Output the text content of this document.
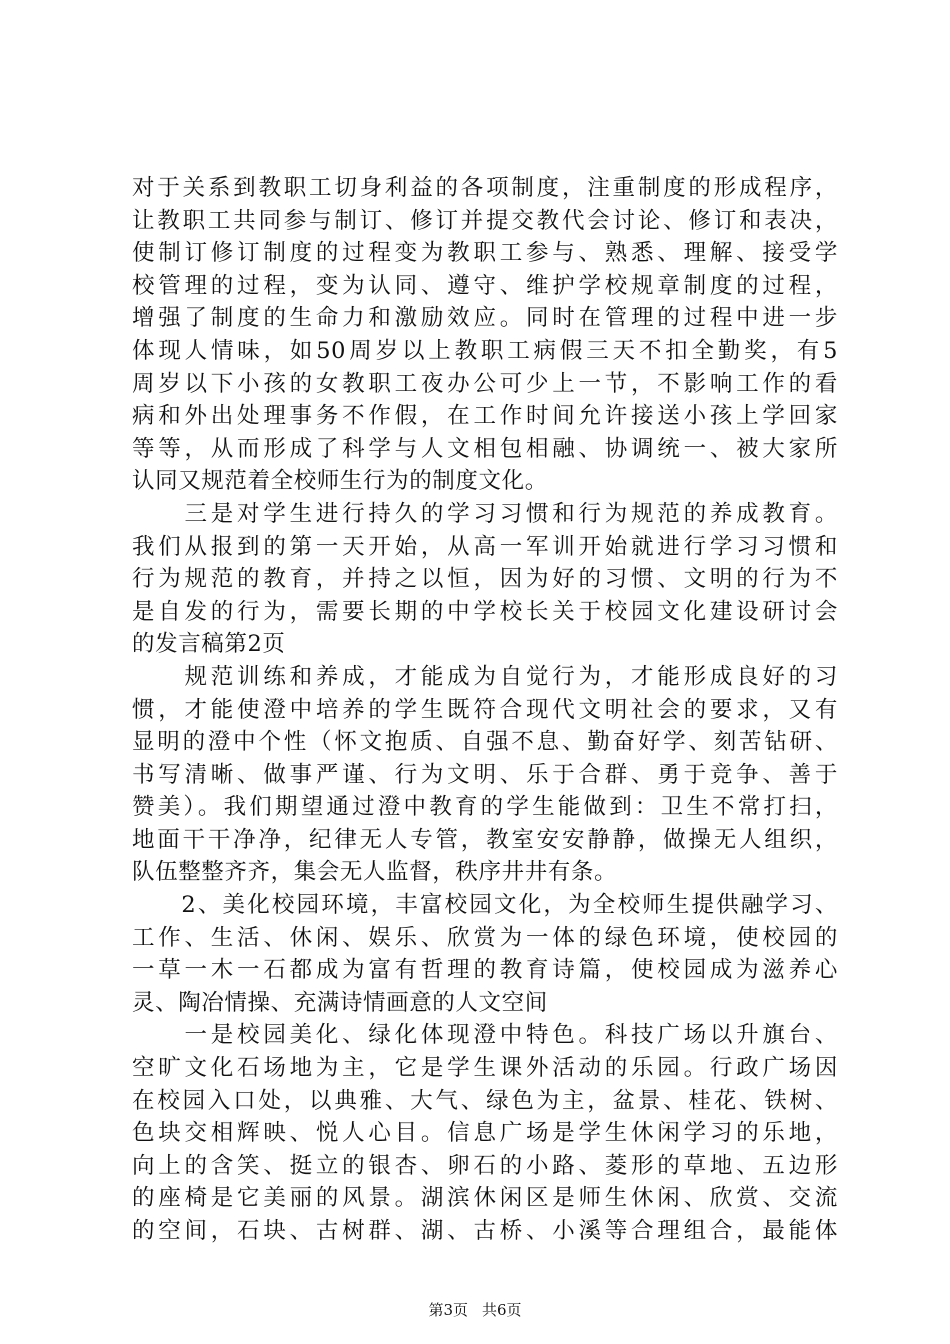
对于关系到教职工切身利益的各项制度，注重制度的形成程序，
让教职工共同参与制订、修订并提交教代会讨论、修订和表决，
使制订修订制度的过程变为教职工参与、熟悉、理解、接受学
校管理的过程，变为认同、遵守、维护学校规章制度的过程，
增强了制度的生命力和激励效应。同时在管理的过程中进一步
体现人情味，如50周岁以上教职工病假三天不扣全勤奖，有5
周岁以下小孩的女教职工夜办公可少上一节，不影响工作的看
病和外出处理事务不作假，在工作时间允许接送小孩上学回家
等等，从而形成了科学与人文相包相融、协调统一、被大家所
认同又规范着全校师生行为的制度文化。
　　三是对学生进行持久的学习习惯和行为规范的养成教育。
我们从报到的第一天开始，从高一军训开始就进行学习习惯和
行为规范的教育，并持之以恒，因为好的习惯、文明的行为不
是自发的行为，需要长期的中学校长关于校园文化建设研讨会
的发言稿第2页
　　规范训练和养成，才能成为自觉行为，才能形成良好的习
惯，才能使澄中培养的学生既符合现代文明社会的要求，又有
显明的澄中个性（怀文抱质、自强不息、勤奋好学、刻苦钻研、
书写清晰、做事严谨、行为文明、乐于合群、勇于竞争、善于
赞美）。我们期望通过澄中教育的学生能做到：卫生不常打扫，
地面干干净净，纪律无人专管，教室安安静静，做操无人组织，
队伍整整齐齐，集会无人监督，秩序井井有条。
　　2、美化校园环境，丰富校园文化，为全校师生提供融学习、
工作、生活、休闲、娱乐、欣赏为一体的绿色环境，使校园的
一草一木一石都成为富有哲理的教育诗篇，使校园成为滋养心
灵、陶冶情操、充满诗情画意的人文空间
　　一是校园美化、绿化体现澄中特色。科技广场以升旗台、
空旷文化石场地为主，它是学生课外活动的乐园。行政广场因
在校园入口处，以典雅、大气、绿色为主，盆景、桂花、铁树、
色块交相辉映、悦人心目。信息广场是学生休闲学习的乐地，
向上的含笑、挺立的银杏、卵石的小路、菱形的草地、五边形
的座椅是它美丽的风景。湖滨休闲区是师生休闲、欣赏、交流
的空间，石块、古树群、湖、古桥、小溪等合理组合，最能体
第3页 共6页
